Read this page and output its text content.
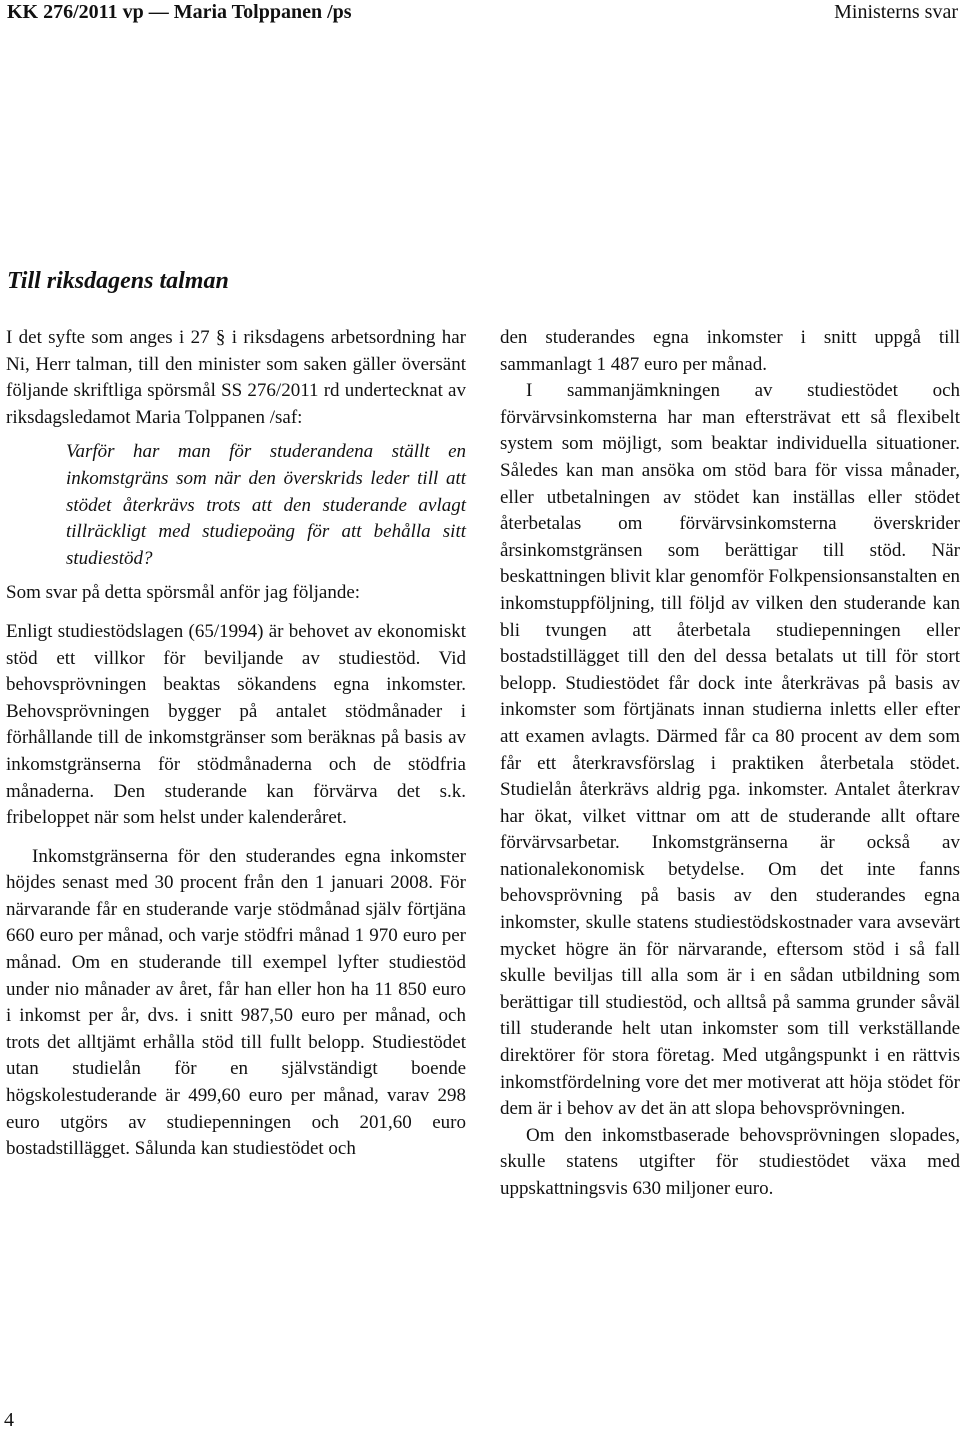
KK 276/2011 vp — Maria Tolppanen /ps	Ministerns svar
Till riksdagens talman

I det syfte som anges i 27 § i riksdagens arbetsordning har Ni, Herr talman, till den minister som saken gäller översänt följande skriftliga spörsmål SS 276/2011 rd undertecknat av riksdagsledamot Maria Tolppanen /saf:

Varför har man för studerandena ställt en inkomstgräns som när den överskrids leder till att stödet återkrävs trots att den studerande avlagt tillräckligt med studiepoäng för att behålla sitt studiestöd?

Som svar på detta spörsmål anför jag följande:

Enligt studiestödslagen (65/1994) är behovet av ekonomiskt stöd ett villkor för beviljande av studiestöd. Vid behovsprövningen beaktas sökandens egna inkomster. Behovsprövningen bygger på antalet stödmånader i förhållande till de inkomstgränser som beräknas på basis av inkomstgränserna för stödmånaderna och de stödfria månaderna. Den studerande kan förvärva det s.k. fribeloppet när som helst under kalenderåret.

Inkomstgränserna för den studerandes egna inkomster höjdes senast med 30 procent från den 1 januari 2008. För närvarande får en studerande varje stödmånad själv förtjäna 660 euro per månad, och varje stödfri månad 1 970 euro per månad. Om en studerande till exempel lyfter studiestöd under nio månader av året, får han eller hon ha 11 850 euro i inkomst per år, dvs. i snitt 987,50 euro per månad, och trots det alltjämt erhålla stöd till fullt belopp. Studiestödet utan studielån för en självständigt boende högskolestuderande är 499,60 euro per månad, varav 298 euro utgörs av studiepenningen och 201,60 euro bostadstillägget. Sålunda kan studiestödet och

den studerandes egna inkomster i snitt uppgå till sammanlagt 1 487 euro per månad.

I sammanjämkningen av studiestödet och förvärvsinkomsterna har man eftersträvat ett så flexibelt system som möjligt, som beaktar individuella situationer. Således kan man ansöka om stöd bara för vissa månader, eller utbetalningen av stödet kan inställas eller stödet återbetalas om förvärvsinkomsterna överskrider årsinkomstgränsen som berättigar till stöd. När beskattningen blivit klar genomför Folkpensionsanstalten en inkomstuppföljning, till följd av vilken den studerande kan bli tvungen att återbetala studiepenningen eller bostadstillägget till den del dessa betalats ut till för stort belopp. Studiestödet får dock inte återkrävas på basis av inkomster som förtjänats innan studierna inletts eller efter att examen avlagts. Därmed får ca 80 procent av dem som får ett återkravsförslag i praktiken återbetala stödet. Studielån återkrävs aldrig pga. inkomster. Antalet återkrav har ökat, vilket vittnar om att de studerande allt oftare förvärvsarbetar. Inkomstgränserna är också av nationalekonomisk betydelse. Om det inte fanns behovsprövning på basis av den studerandes egna inkomster, skulle statens studiestödskostnader vara avsevärt mycket högre än för närvarande, eftersom stöd i så fall skulle beviljas till alla som är i en sådan utbildning som berättigar till studiestöd, och alltså på samma grunder såväl till studerande helt utan inkomster som till verkställande direktörer för stora företag. Med utgångspunkt i en rättvis inkomstfördelning vore det mer motiverat att höja stödet för dem är i behov av det än att slopa behovsprövningen.

Om den inkomstbaserade behovsprövningen slopades, skulle statens utgifter för studiestödet växa med uppskattningsvis 630 miljoner euro.

4
